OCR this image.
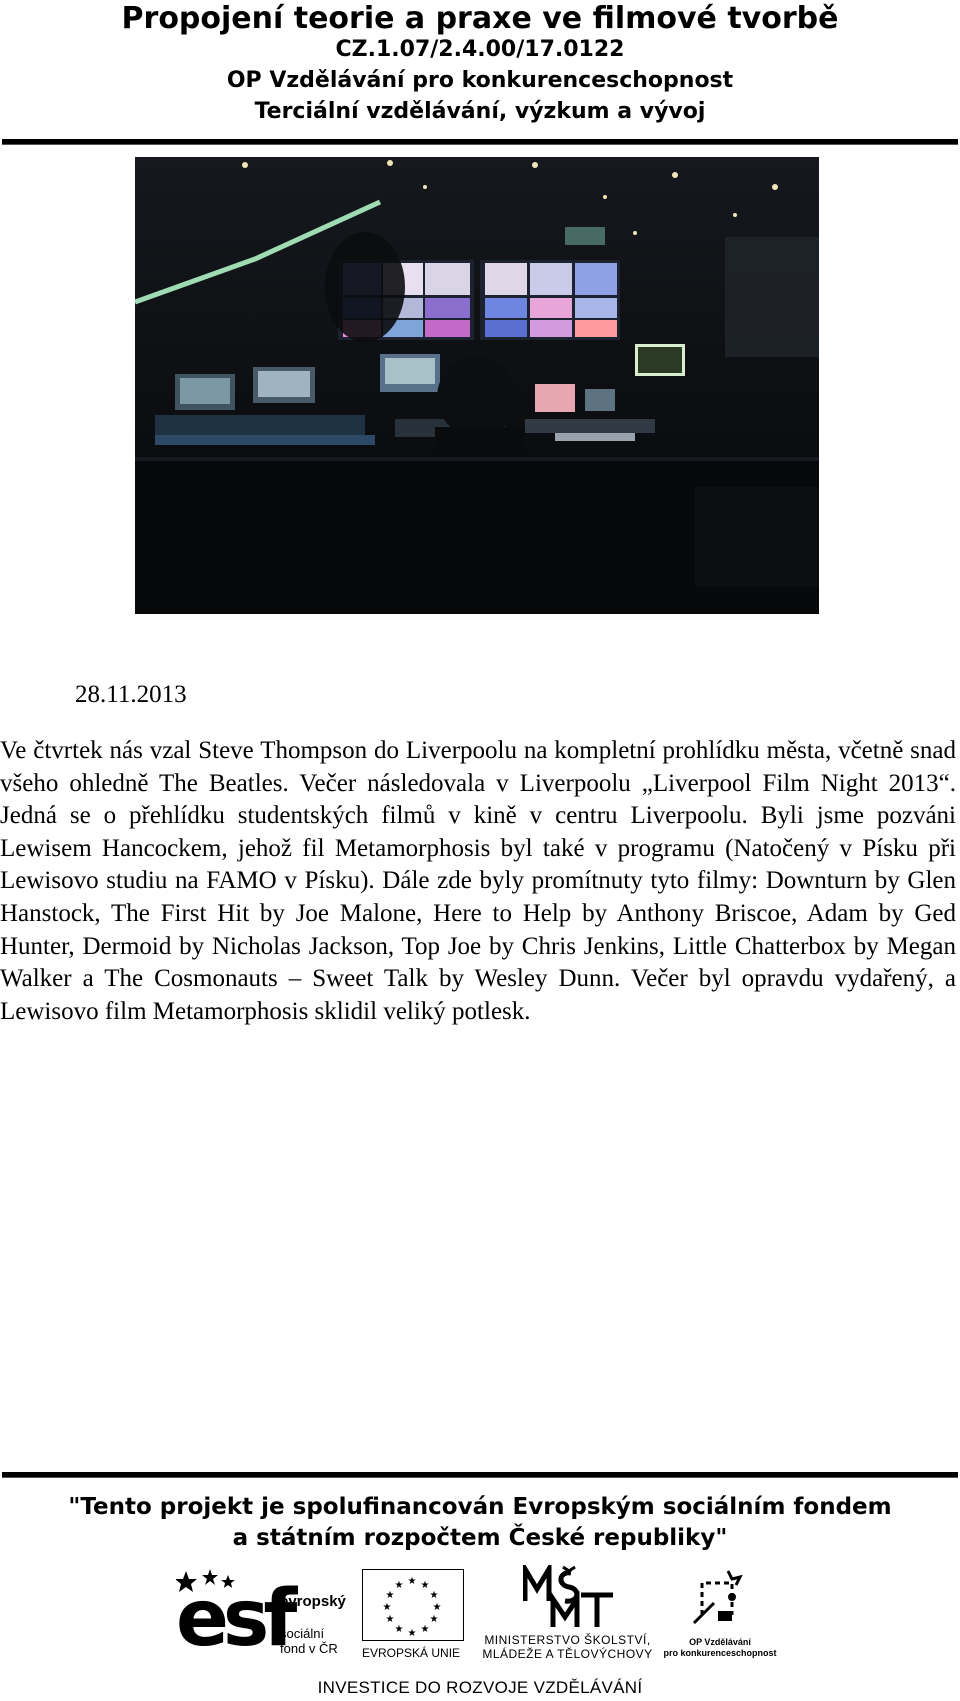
Propojení teorie a praxe ve filmové tvorbě
CZ.1.07/2.4.00/17.0122
OP Vzdělávání pro konkurenceschopnost
Terciální vzdělávání, výzkum a vývoj
28.11.2013
Ve čtvrtek nás vzal Steve Thompson do Liverpoolu na kompletní prohlídku města, včetně snad všeho ohledně The Beatles. Večer následovala v Liverpoolu „Liverpool Film Night 2013“. Jedná se o přehlídku studentských filmů v kině v centru Liverpoolu. Byli jsme pozváni Lewisem Hancockem, jehož fil Metamorphosis byl také v programu (Natočený v Písku při Lewisovo studiu na FAMO v Písku). Dále zde byly promítnuty tyto filmy: Downturn by Glen Hanstock, The First Hit by Joe Malone, Here to Help by Anthony Briscoe, Adam by Ged Hunter, Dermoid by Nicholas Jackson, Top Joe by Chris Jenkins, Little Chatterbox by Megan Walker a The Cosmonauts – Sweet Talk by Wesley Dunn. Večer byl opravdu vydařený, a Lewisovo film Metamorphosis sklidil veliký potlesk.
"Tento projekt je spolufinancován Evropským sociálním fondem
a státním rozpočtem České republiky"
esf
evropský
sociální
fond v ČR
★ ★
★
★
★
★
★
★
★
★
★
★
EVROPSKÁ UNIE
MINISTERSTVO ŠKOLSTVÍ,
MLÁDEŽE A TĚLOVÝCHOVY
OP Vzdělávání
pro konkurenceschopnost
INVESTICE DO ROZVOJE VZDĚLÁVÁNÍ
